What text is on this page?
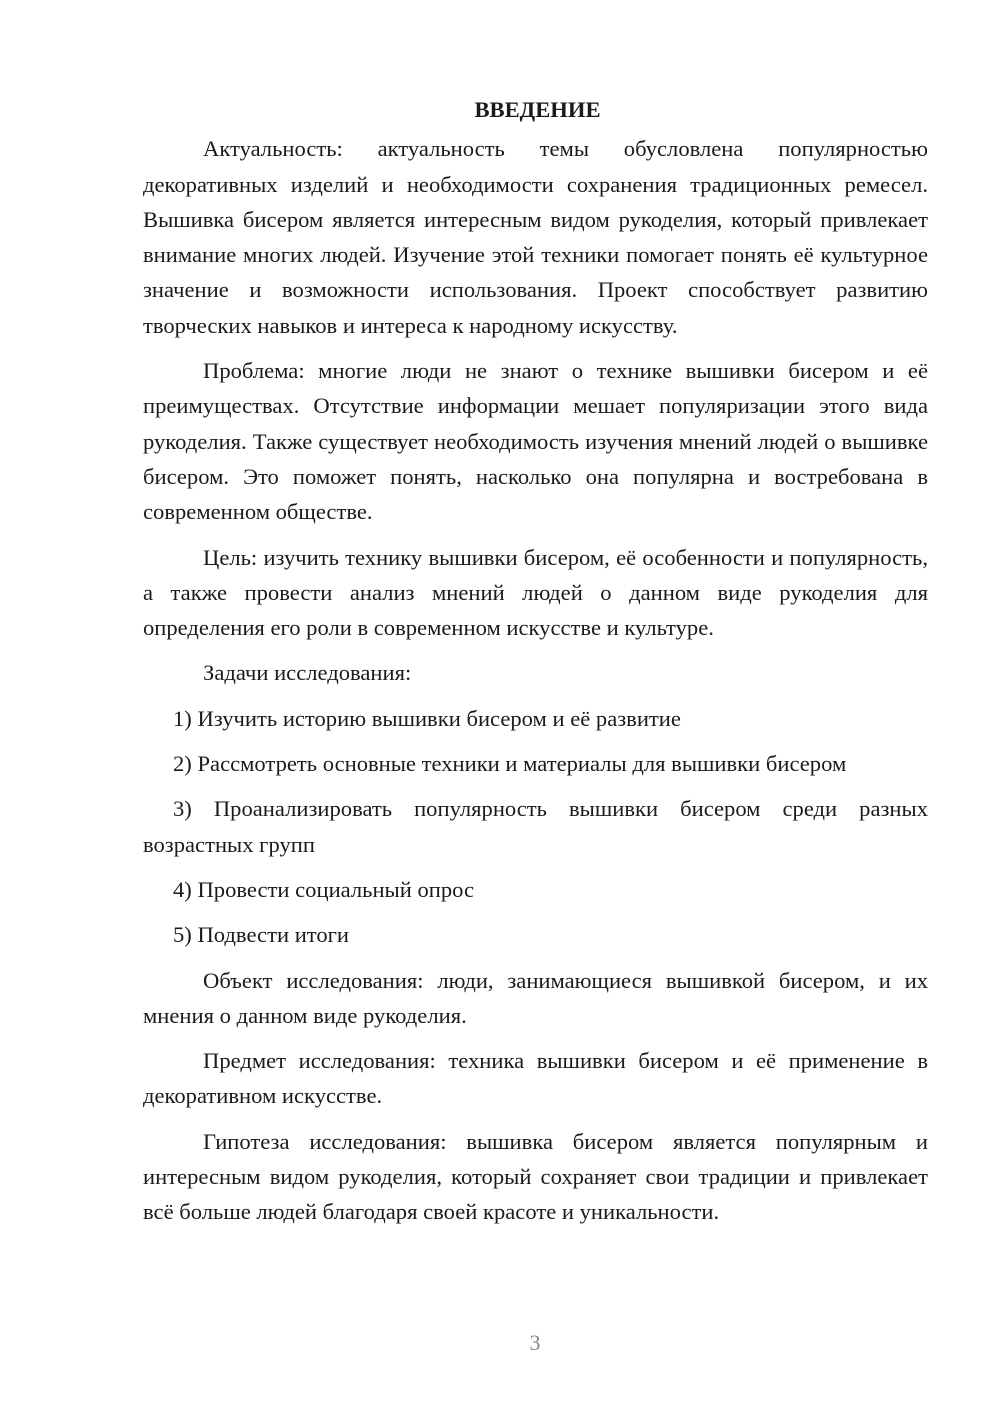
ВВЕДЕНИЕ

Актуальность: актуальность темы обусловлена популярностью декоративных изделий и необходимости сохранения традиционных ремесел. Вышивка бисером является интересным видом рукоделия, который привлекает внимание многих людей. Изучение этой техники помогает понять её культурное значение и возможности использования. Проект способствует развитию творческих навыков и интереса к народному искусству.

Проблема: многие люди не знают о технике вышивки бисером и её преимуществах. Отсутствие информации мешает популяризации этого вида рукоделия. Также существует необходимость изучения мнений людей о вышивке бисером. Это поможет понять, насколько она популярна и востребована в современном обществе.

Цель: изучить технику вышивки бисером, её особенности и популярность, а также провести анализ мнений людей о данном виде рукоделия для определения его роли в современном искусстве и культуре.

Задачи исследования:

1) Изучить историю вышивки бисером и её развитие

2) Рассмотреть основные техники и материалы для вышивки бисером

3) Проанализировать популярность вышивки бисером среди разных возрастных групп

4) Провести социальный опрос

5) Подвести итоги

Объект исследования: люди, занимающиеся вышивкой бисером, и их мнения о данном виде рукоделия.

Предмет исследования: техника вышивки бисером и её применение в декоративном искусстве.

Гипотеза исследования: вышивка бисером является популярным и интересным видом рукоделия, который сохраняет свои традиции и привлекает всё больше людей благодаря своей красоте и уникальности.

3
